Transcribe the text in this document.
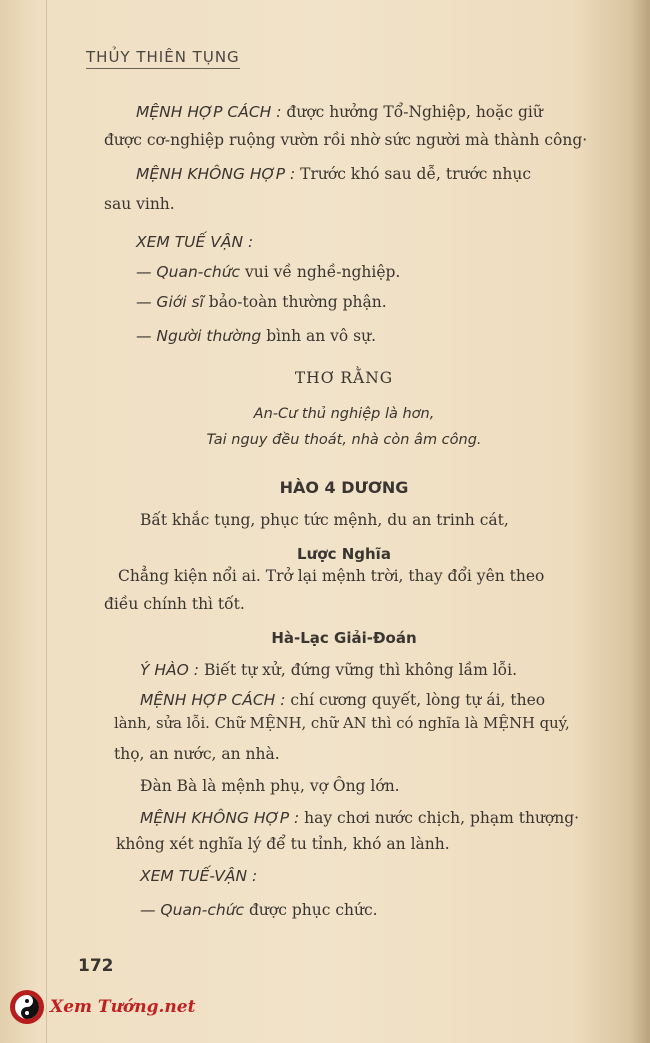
THỦY THIÊN TỤNG
MỆNH HỢP CÁCH : được hưởng Tổ-Nghiệp, hoặc giữ
được cơ-nghiệp ruộng vườn rồi nhờ sức người mà thành công·
MỆNH KHÔNG HỢP : Trước khó sau dễ, trước nhục
sau vinh.
XEM TUẾ VẬN :
— Quan-chức vui về nghề-nghiệp.
— Giới sĩ bảo-toàn thường phận.
— Người thường bình an vô sự.
THƠ RẰNG
An-Cư thủ nghiệp là hơn,
Tai nguy đều thoát, nhà còn âm công.
HÀO 4 DƯƠNG
Bất khắc tụng, phục tức mệnh, du an trinh cát,
Lược Nghĩa
Chẳng kiện nổi ai. Trở lại mệnh trời, thay đổi yên theo
điều chính thì tốt.
Hà-Lạc Giải-Đoán
Ý HÀO : Biết tự xử, đứng vững thì không lầm lỗi.
MỆNH HỢP CÁCH : chí cương quyết, lòng tự ái, theo
lành, sửa lỗi. Chữ MỆNH, chữ AN thì có nghĩa là MỆNH quý,
thọ, an nước, an nhà.
Đàn Bà là mệnh phụ, vợ Ông lớn.
MỆNH KHÔNG HỢP : hay chơi nước chịch, phạm thượng·
không xét nghĩa lý để tu tỉnh, khó an lành.
XEM TUẾ-VẬN :
— Quan-chức được phục chức.
172
Xem Tướng.net
